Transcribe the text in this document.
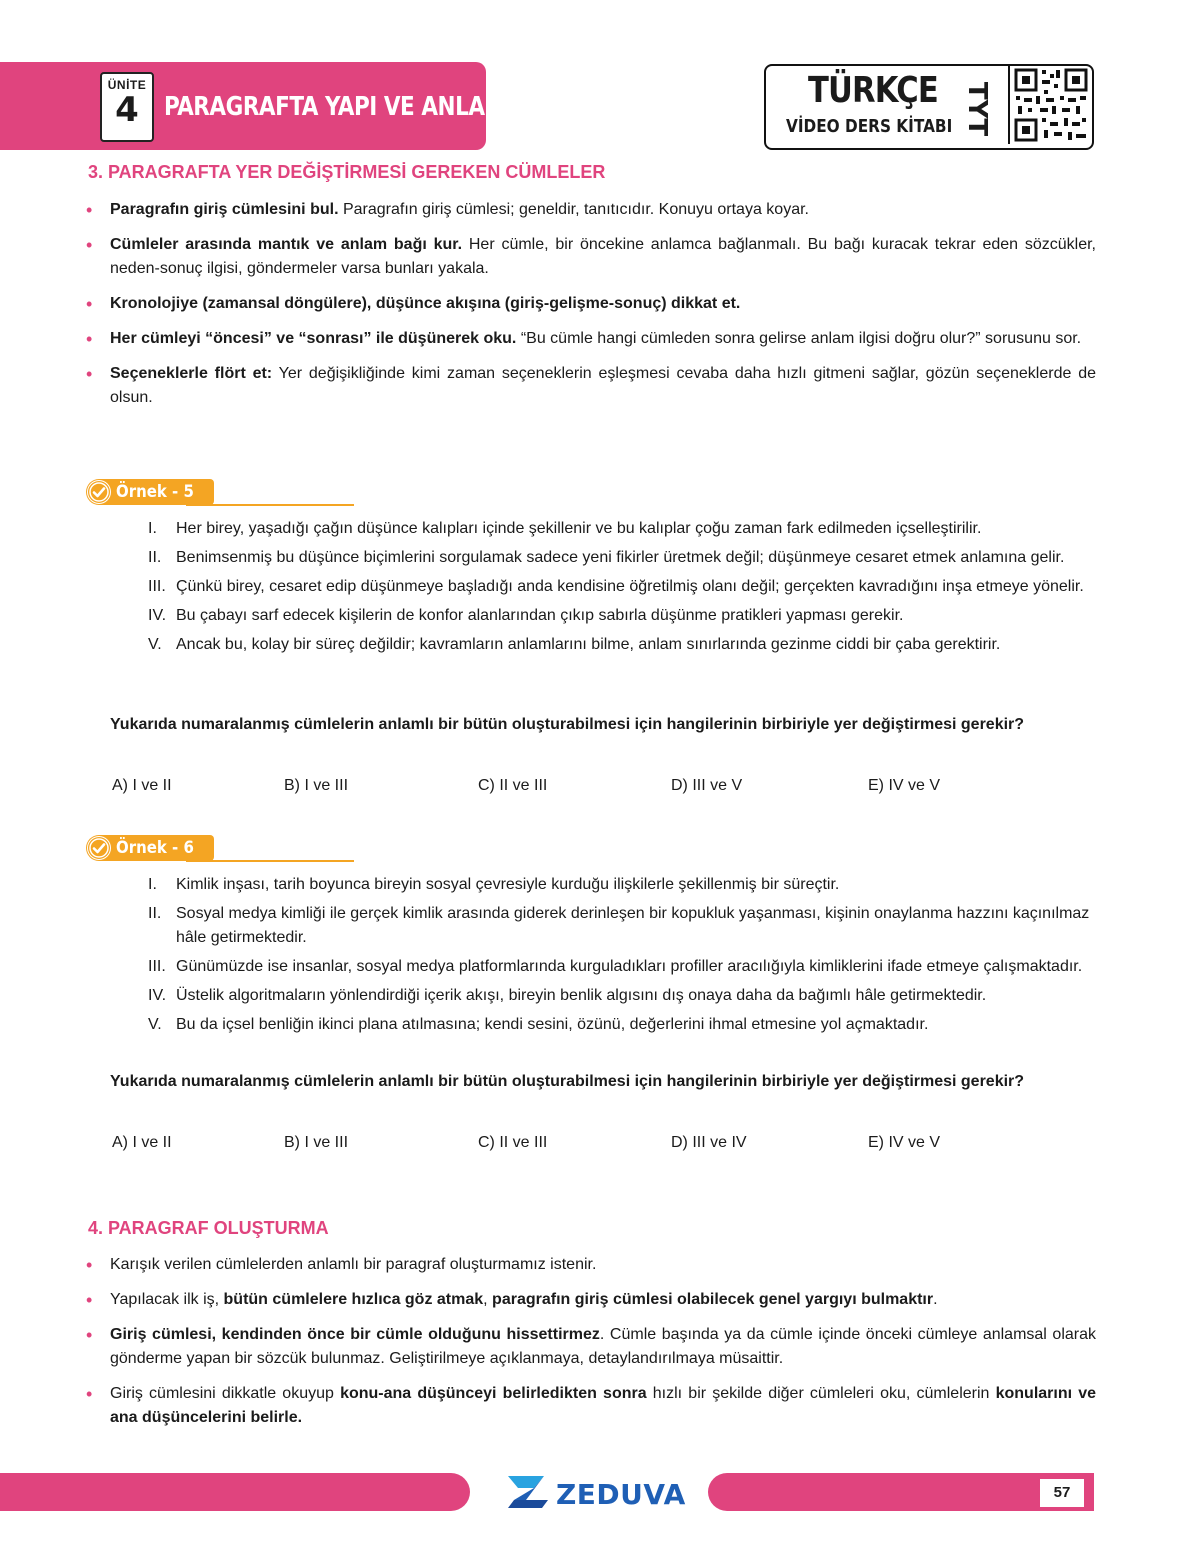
ÜNİTE
4 PARAGRAFTA YAPI VE ANLAM	TÜRKÇE
VİDEO DERS KİTABI TYT
3. PARAGRAFTA YER DEĞİŞTİRMESİ GEREKEN CÜMLELER
• Paragrafın giriş cümlesini bul. Paragrafın giriş cümlesi; geneldir, tanıtıcıdır. Konuyu ortaya koyar.
• Cümleler arasında mantık ve anlam bağı kur. Her cümle, bir öncekine anlamca bağlanmalı. Bu bağı kuracak tekrar eden sözcükler, neden-sonuç ilgisi, göndermeler varsa bunları yakala.
• Kronolojiye (zamansal döngülere), düşünce akışına (giriş-gelişme-sonuç) dikkat et.
• Her cümleyi “öncesi” ve “sonrası” ile düşünerek oku. “Bu cümle hangi cümleden sonra gelirse anlam ilgisi doğru olur?” sorusunu sor.
• Seçeneklerle flört et: Yer değişikliğinde kimi zaman seçeneklerin eşleşmesi cevaba daha hızlı gitmeni sağlar, gözün seçeneklerde de olsun.
Örnek - 5
I.	Her birey, yaşadığı çağın düşünce kalıpları içinde şekillenir ve bu kalıplar çoğu zaman fark edilmeden içselleştirilir.
II. Benimsenmiş bu düşünce biçimlerini sorgulamak sadece yeni fikirler üretmek değil; düşünmeye cesaret etmek anlamına gelir.
III. Çünkü birey, cesaret edip düşünmeye başladığı anda kendisine öğretilmiş olanı değil; gerçekten kavradığını inşa etmeye yönelir.
IV. Bu çabayı sarf edecek kişilerin de konfor alanlarından çıkıp sabırla düşünme pratikleri yapması gerekir.
V. Ancak bu, kolay bir süreç değildir; kavramların anlamlarını bilme, anlam sınırlarında gezinme ciddi bir çaba gerektirir.
Yukarıda numaralanmış cümlelerin anlamlı bir bütün oluşturabilmesi için hangilerinin birbiriyle yer değiştirmesi gerekir?
A) I ve II	B) I ve III	C) II ve III	D) III ve V	E) IV ve V
Örnek - 6
I.	Kimlik inşası, tarih boyunca bireyin sosyal çevresiyle kurduğu ilişkilerle şekillenmiş bir süreçtir.
II. Sosyal medya kimliği ile gerçek kimlik arasında giderek derinleşen bir kopukluk yaşanması, kişinin onaylanma hazzını kaçınılmaz hâle getirmektedir.
III. Günümüzde ise insanlar, sosyal medya platformlarında kurguladıkları profiller aracılığıyla kimliklerini ifade etmeye çalışmaktadır.
IV. Üstelik algoritmaların yönlendirdiği içerik akışı, bireyin benlik algısını dış onaya daha da bağımlı hâle getirmektedir.
V. Bu da içsel benliğin ikinci plana atılmasına; kendi sesini, özünü, değerlerini ihmal etmesine yol açmaktadır.
Yukarıda numaralanmış cümlelerin anlamlı bir bütün oluşturabilmesi için hangilerinin birbiriyle yer değiştirmesi gerekir?
A) I ve II	B) I ve III	C) II ve III	D) III ve IV	E) IV ve V
4. PARAGRAF OLUŞTURMA
• Karışık verilen cümlelerden anlamlı bir paragraf oluşturmamız istenir.
• Yapılacak ilk iş, bütün cümlelere hızlıca göz atmak, paragrafın giriş cümlesi olabilecek genel yargıyı bulmaktır.
• Giriş cümlesi, kendinden önce bir cümle olduğunu hissettirmez. Cümle başında ya da cümle içinde önceki cümleye anlamsal olarak gönderme yapan bir sözcük bulunmaz. Geliştirilmeye açıklanmaya, detaylandırılmaya müsaittir.
• Giriş cümlesini dikkatle okuyup konu-ana düşünceyi belirledikten sonra hızlı bir şekilde diğer cümleleri oku, cümlelerin konularını ve ana düşüncelerini belirle.
57
ZEDUVA
